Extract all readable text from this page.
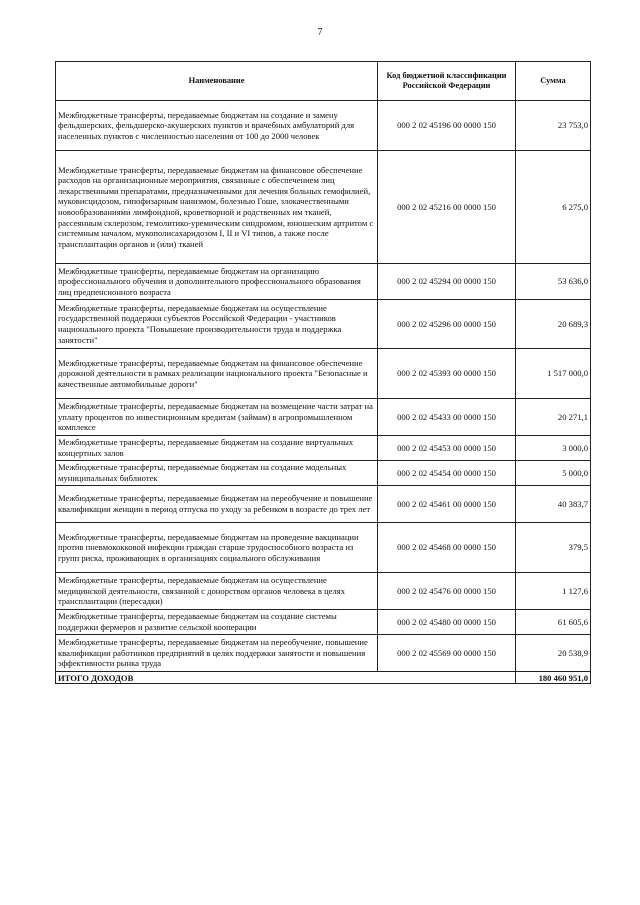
7
Наименование	Код бюджетной классификации Российской Федерации	Сумма
Межбюджетные трансферты, передаваемые бюджетам на создание и замену фельдшерских, фельдшерско-акушерских пунктов и врачебных амбулаторий для населенных пунктов с численностью населения от 100 до 2000 человек	000 2 02 45196 00 0000 150	23 753,0
Межбюджетные трансферты, передаваемые бюджетам на финансовое обеспечение расходов на организационные мероприятия, связанные с обеспечением лиц лекарственными препаратами, предназначенными для лечения больных гемофилией, муковисцидозом, гипофизарным нанизмом, болезнью Гоше, злокачественными новообразованиями лимфоидной, кроветворной и родственных им тканей, рассеянным склерозом, гемолитико-уремическим синдромом, юношеским артритом с системным началом, мукополисахаридозом I, II и VI типов, а также после трансплантации органов и (или) тканей	000 2 02 45216 00 0000 150	6 275,0
Межбюджетные трансферты, передаваемые бюджетам на организацию профессионального обучения и дополнительного профессионального образования лиц предпенсионного возраста	000 2 02 45294 00 0000 150	53 636,0
Межбюджетные трансферты, передаваемые бюджетам на осуществление государственной поддержки субъектов Российской Федерации - участников национального проекта "Повышение производительности труда и поддержка занятости"	000 2 02 45296 00 0000 150	20 689,3
Межбюджетные трансферты, передаваемые бюджетам на финансовое обеспечение дорожной деятельности в рамках реализации национального проекта "Безопасные и качественные автомобильные дороги"	000 2 02 45393 00 0000 150	1 517 000,0
Межбюджетные трансферты, передаваемые бюджетам на возмещение части затрат на уплату процентов по инвестиционным кредитам (займам) в агропромышленном комплексе	000 2 02 45433 00 0000 150	20 271,1
Межбюджетные трансферты, передаваемые бюджетам на создание виртуальных концертных залов	000 2 02 45453 00 0000 150	3 000,0
Межбюджетные трансферты, передаваемые бюджетам на создание модельных муниципальных библиотек	000 2 02 45454 00 0000 150	5 000,0
Межбюджетные трансферты, передаваемые бюджетам на переобучение и повышение квалификации женщин в период отпуска по уходу за ребенком в возрасте до трех лет	000 2 02 45461 00 0000 150	40 383,7
Межбюджетные трансферты, передаваемые бюджетам на проведение вакцинации против пневмококковой инфекции граждан старше трудоспособного возраста из групп риска, проживающих в организациях социального обслуживания	000 2 02 45468 00 0000 150	379,5
Межбюджетные трансферты, передаваемые бюджетам на осуществление медицинской деятельности, связанной с донорством органов человека в целях трансплантации (пересадки)	000 2 02 45476 00 0000 150	1 127,6
Межбюджетные трансферты, передаваемые бюджетам на создание системы поддержки фермеров и развитие сельской кооперации	000 2 02 45480 00 0000 150	61 605,6
Межбюджетные трансферты, передаваемые бюджетам на переобучение, повышение квалификации работников предприятий в целях поддержки занятости и повышения эффективности рынка труда	000 2 02 45569 00 0000 150	20 538,9
ИТОГО ДОХОДОВ		180 460 951,0
